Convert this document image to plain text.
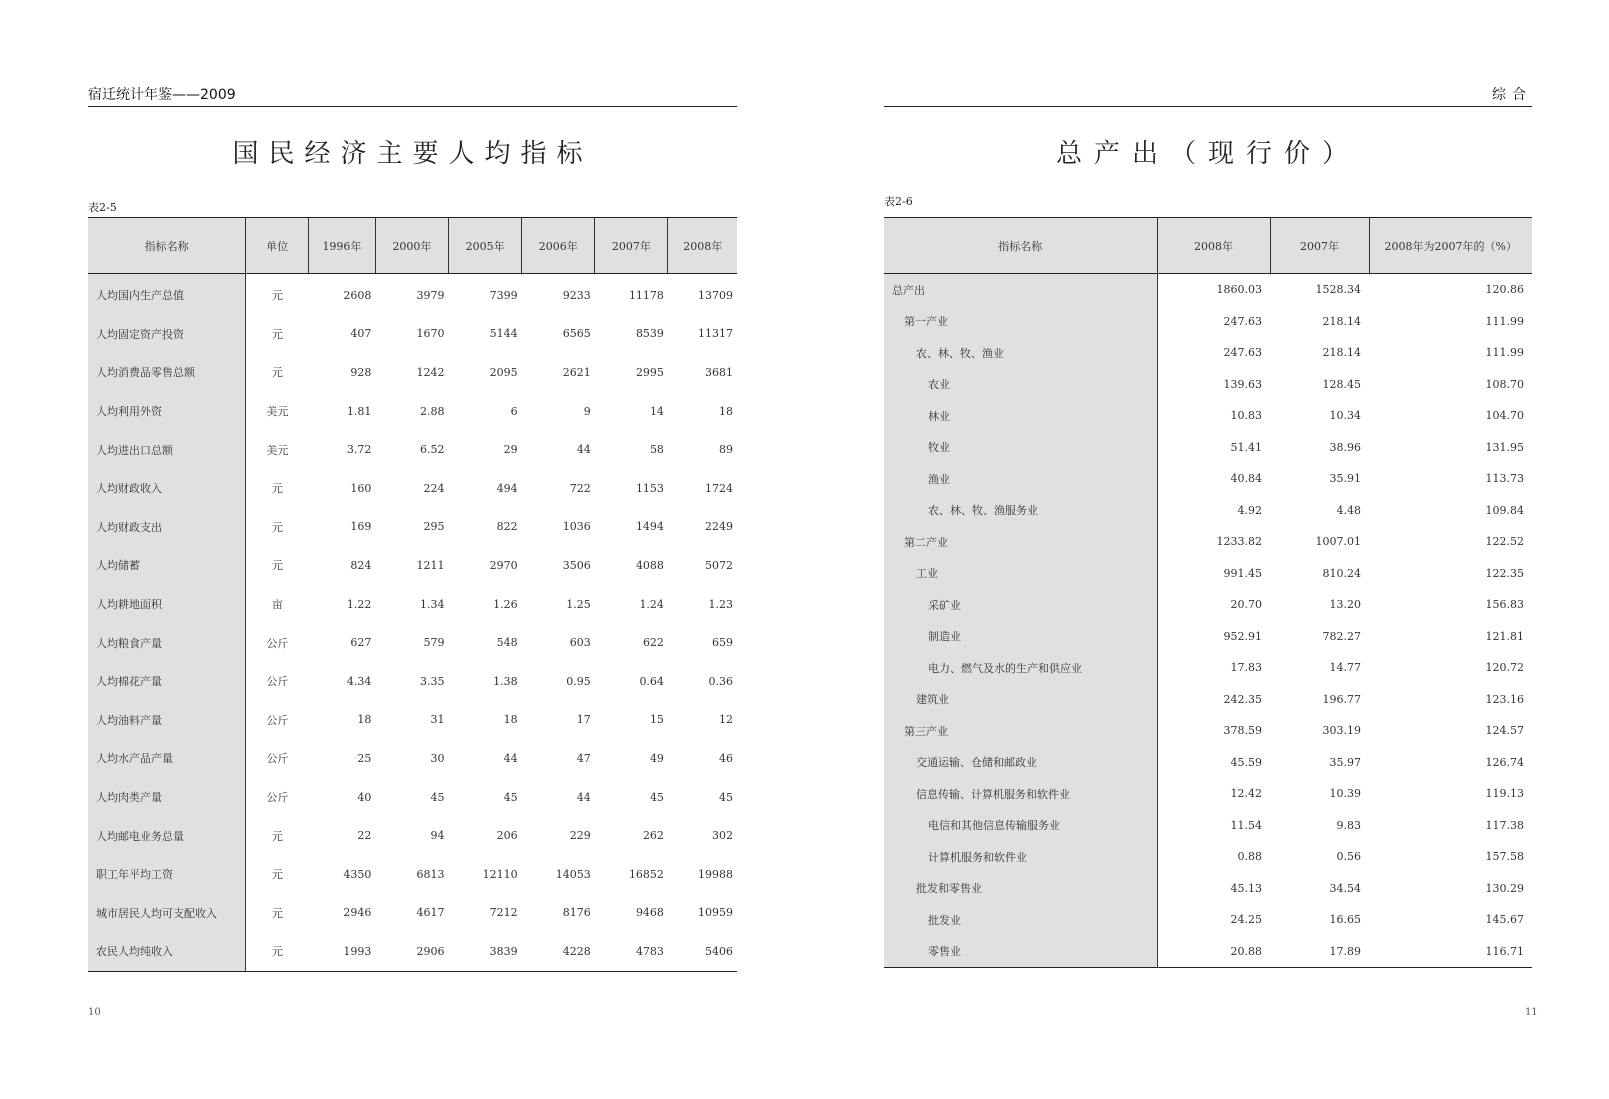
宿迁统计年鉴——2009
国民经济主要人均指标
表2-5
指标名称	单位	1996年	2000年	2005年	2006年	2007年	2008年
人均国内生产总值	元	2608	3979	7399	9233	11178	13709
人均固定资产投资	元	407	1670	5144	6565	8539	11317
人均消费品零售总额	元	928	1242	2095	2621	2995	3681
人均利用外资	美元	1.81	2.88	6	9	14	18
人均进出口总额	美元	3.72	6.52	29	44	58	89
人均财政收入	元	160	224	494	722	1153	1724
人均财政支出	元	169	295	822	1036	1494	2249
人均储蓄	元	824	1211	2970	3506	4088	5072
人均耕地面积	亩	1.22	1.34	1.26	1.25	1.24	1.23
人均粮食产量	公斤	627	579	548	603	622	659
人均棉花产量	公斤	4.34	3.35	1.38	0.95	0.64	0.36
人均油料产量	公斤	18	31	18	17	15	12
人均水产品产量	公斤	25	30	44	47	49	46
人均肉类产量	公斤	40	45	45	44	45	45
人均邮电业务总量	元	22	94	206	229	262	302
职工年平均工资	元	4350	6813	12110	14053	16852	19988
城市居民人均可支配收入	元	2946	4617	7212	8176	9468	10959
农民人均纯收入	元	1993	2906	3839	4228	4783	5406
10
综合
总产出（现行价）
表2-6
指标名称	2008年	2007年	2008年为2007年的（%）
总产出	1860.03	1528.34	120.86
第一产业	247.63	218.14	111.99
农、林、牧、渔业	247.63	218.14	111.99
农业	139.63	128.45	108.70
林业	10.83	10.34	104.70
牧业	51.41	38.96	131.95
渔业	40.84	35.91	113.73
农、林、牧、渔服务业	4.92	4.48	109.84
第二产业	1233.82	1007.01	122.52
工业	991.45	810.24	122.35
采矿业	20.70	13.20	156.83
制造业	952.91	782.27	121.81
电力、燃气及水的生产和供应业	17.83	14.77	120.72
建筑业	242.35	196.77	123.16
第三产业	378.59	303.19	124.57
交通运输、仓储和邮政业	45.59	35.97	126.74
信息传输、计算机服务和软件业	12.42	10.39	119.13
电信和其他信息传输服务业	11.54	9.83	117.38
计算机服务和软件业	0.88	0.56	157.58
批发和零售业	45.13	34.54	130.29
批发业	24.25	16.65	145.67
零售业	20.88	17.89	116.71
11
